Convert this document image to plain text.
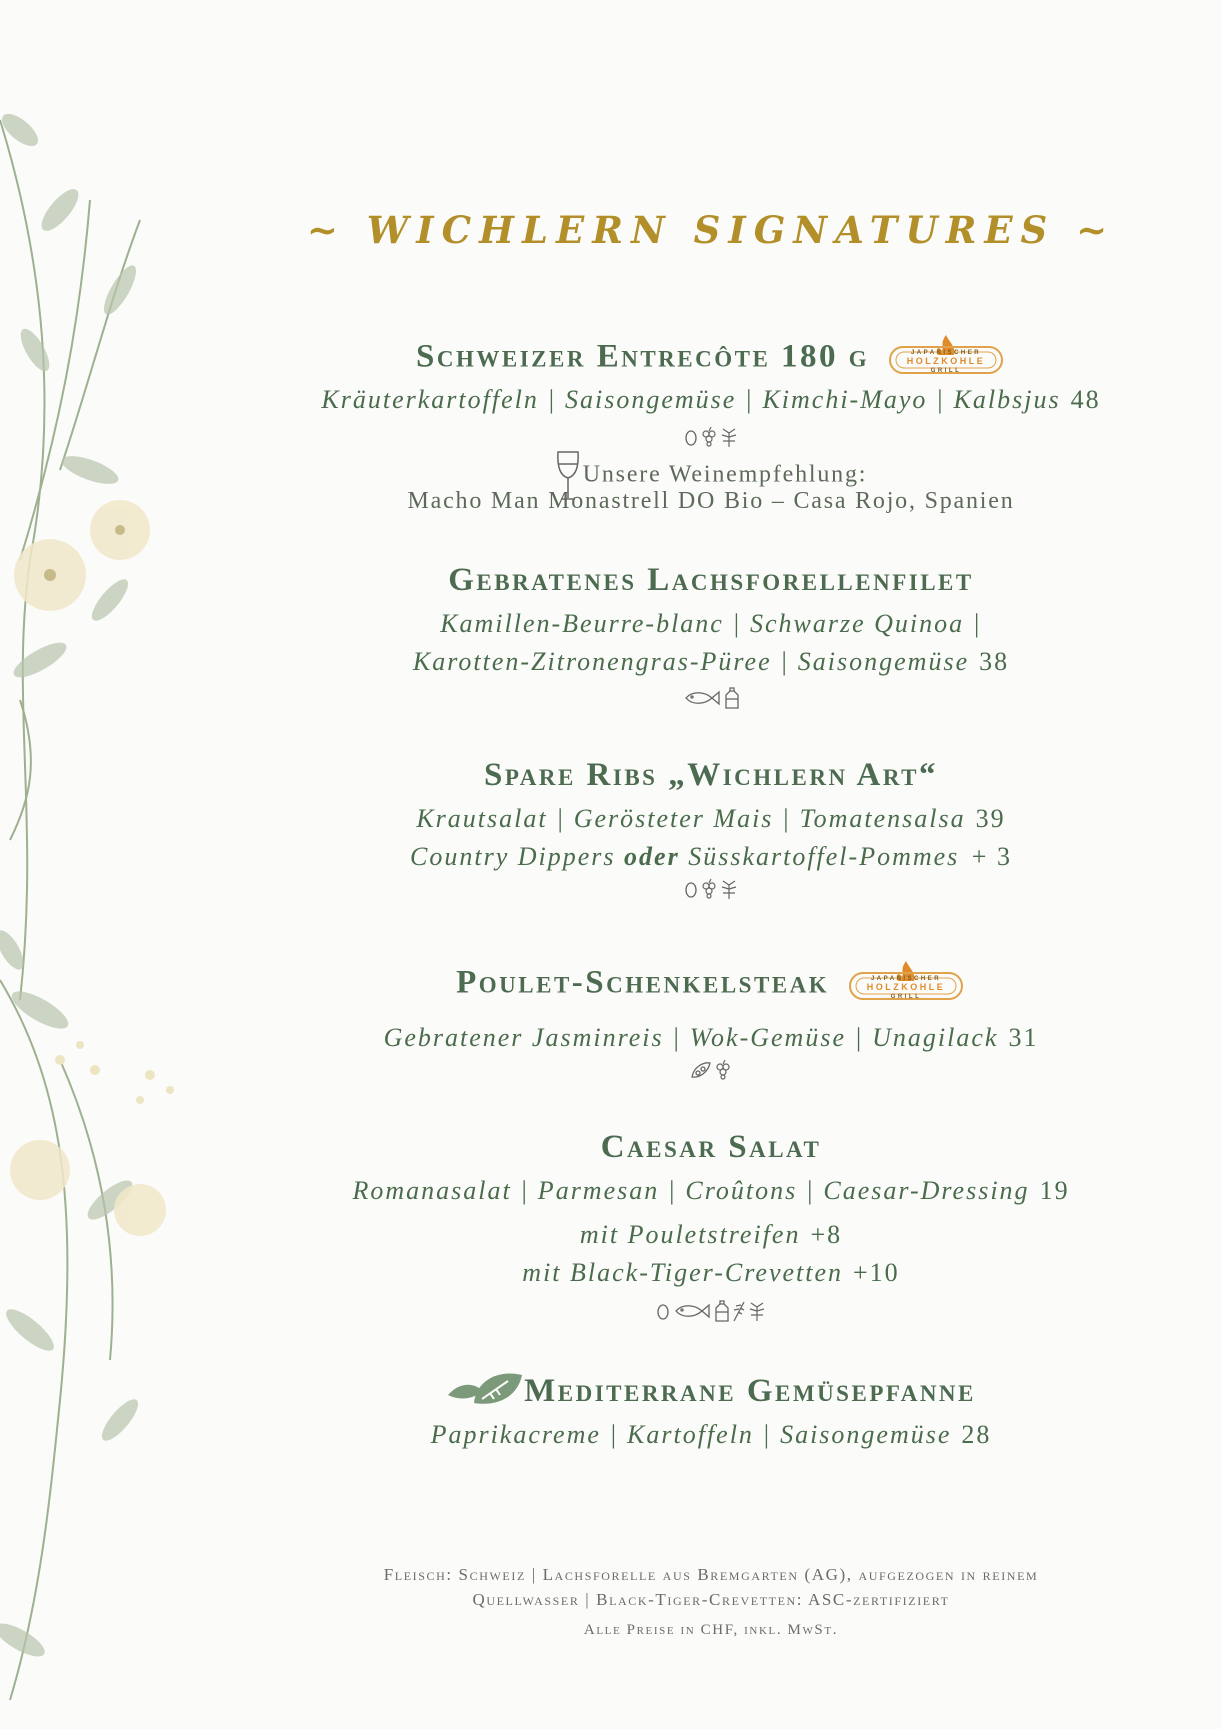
~ WICHLERN SIGNATURES ~
Schweizer Entrecôte 180 g	JAPANISCHER
HOLZKOHLE
GRILL
Kräuterkartoffeln | Saisongemüse | Kimchi-Mayo | Kalbsjus 48
Unsere Weinempfehlung:
Macho Man Monastrell DO Bio – Casa Rojo, Spanien
Gebratenes Lachsforellenfilet
Kamillen-Beurre-blanc | Schwarze Quinoa |
Karotten-Zitronengras-Püree | Saisongemüse 38
Spare Ribs „Wichlern Art“
Krautsalat | Gerösteter Mais | Tomatensalsa 39
Country Dippers oder Süsskartoffel-Pommes + 3
Poulet-Schenkelsteak	JAPANISCHER
HOLZKOHLE
GRILL
Gebratener Jasminreis | Wok-Gemüse | Unagilack 31
Caesar Salat
Romanasalat | Parmesan | Croûtons | Caesar-Dressing 19
mit Pouletstreifen +8
mit Black-Tiger-Crevetten +10
Mediterrane Gemüsepfanne
Paprikacreme | Kartoffeln | Saisongemüse 28
Fleisch: Schweiz | Lachsforelle aus Bremgarten (AG), aufgezogen in reinem
Quellwasser | Black-Tiger-Crevetten: ASC-zertifiziert
Alle Preise in CHF, inkl. MwSt.
